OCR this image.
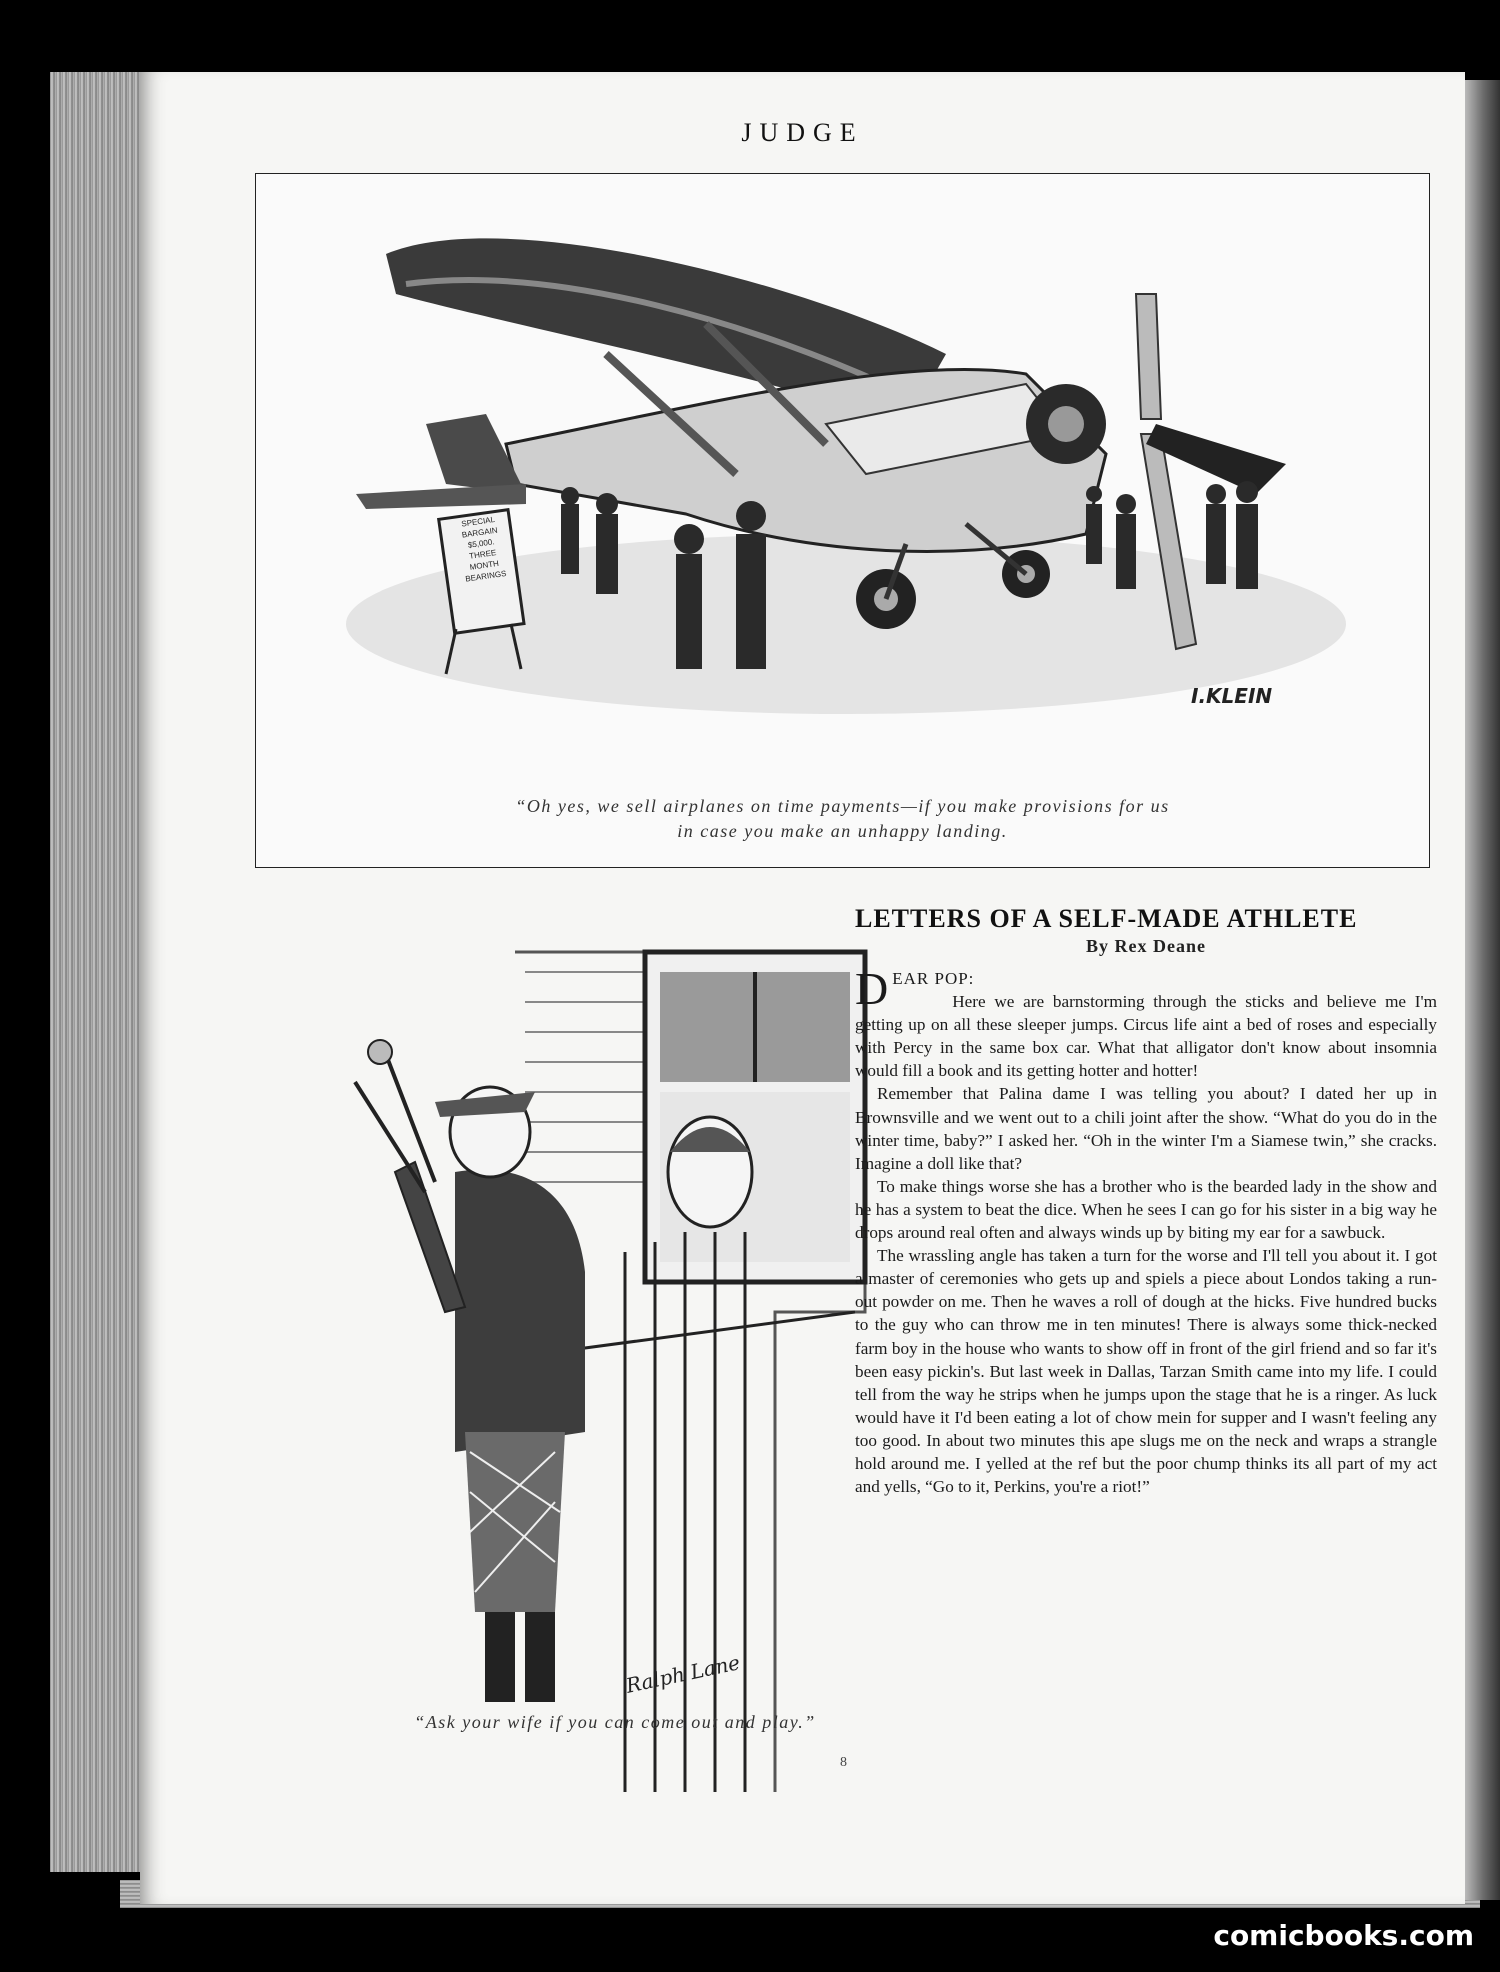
JUDGE
SPECIAL
BARGAIN
$5,000.
THREE
MONTH
BEARINGS
I.KLEIN
“Oh yes, we sell airplanes on time payments—if you make provisions for us
in case you make an unhappy landing.
Ralph Lane
“Ask your wife if you can come out and play.”
LETTERS OF A SELF-MADE ATHLETE
By Rex Deane

D EAR POP:
Here we are barnstorming through the sticks and believe me I'm getting up on all these sleeper jumps. Circus life aint a bed of roses and especially with Percy in the same box car. What that alligator don't know about insomnia would fill a book and its getting hotter and hotter!

Remember that Palina dame I was telling you about? I dated her up in Brownsville and we went out to a chili joint after the show. “What do you do in the winter time, baby?” I asked her. “Oh in the winter I'm a Siamese twin,” she cracks. Imagine a doll like that?

To make things worse she has a brother who is the bearded lady in the show and he has a system to beat the dice. When he sees I can go for his sister in a big way he drops around real often and always winds up by biting my ear for a sawbuck.

The wrassling angle has taken a turn for the worse and I'll tell you about it. I got a master of ceremonies who gets up and spiels a piece about Londos taking a run-out powder on me. Then he waves a roll of dough at the hicks. Five hundred bucks to the guy who can throw me in ten minutes! There is always some thick-necked farm boy in the house who wants to show off in front of the girl friend and so far it's been easy pickin's. But last week in Dallas, Tarzan Smith came into my life. I could tell from the way he strips when he jumps upon the stage that he is a ringer. As luck would have it I'd been eating a lot of chow mein for supper and I wasn't feeling any too good. In about two minutes this ape slugs me on the neck and wraps a strangle hold around me. I yelled at the ref but the poor chump thinks its all part of my act and yells, “Go to it, Perkins, you're a riot!”

8
comicbooks.com
